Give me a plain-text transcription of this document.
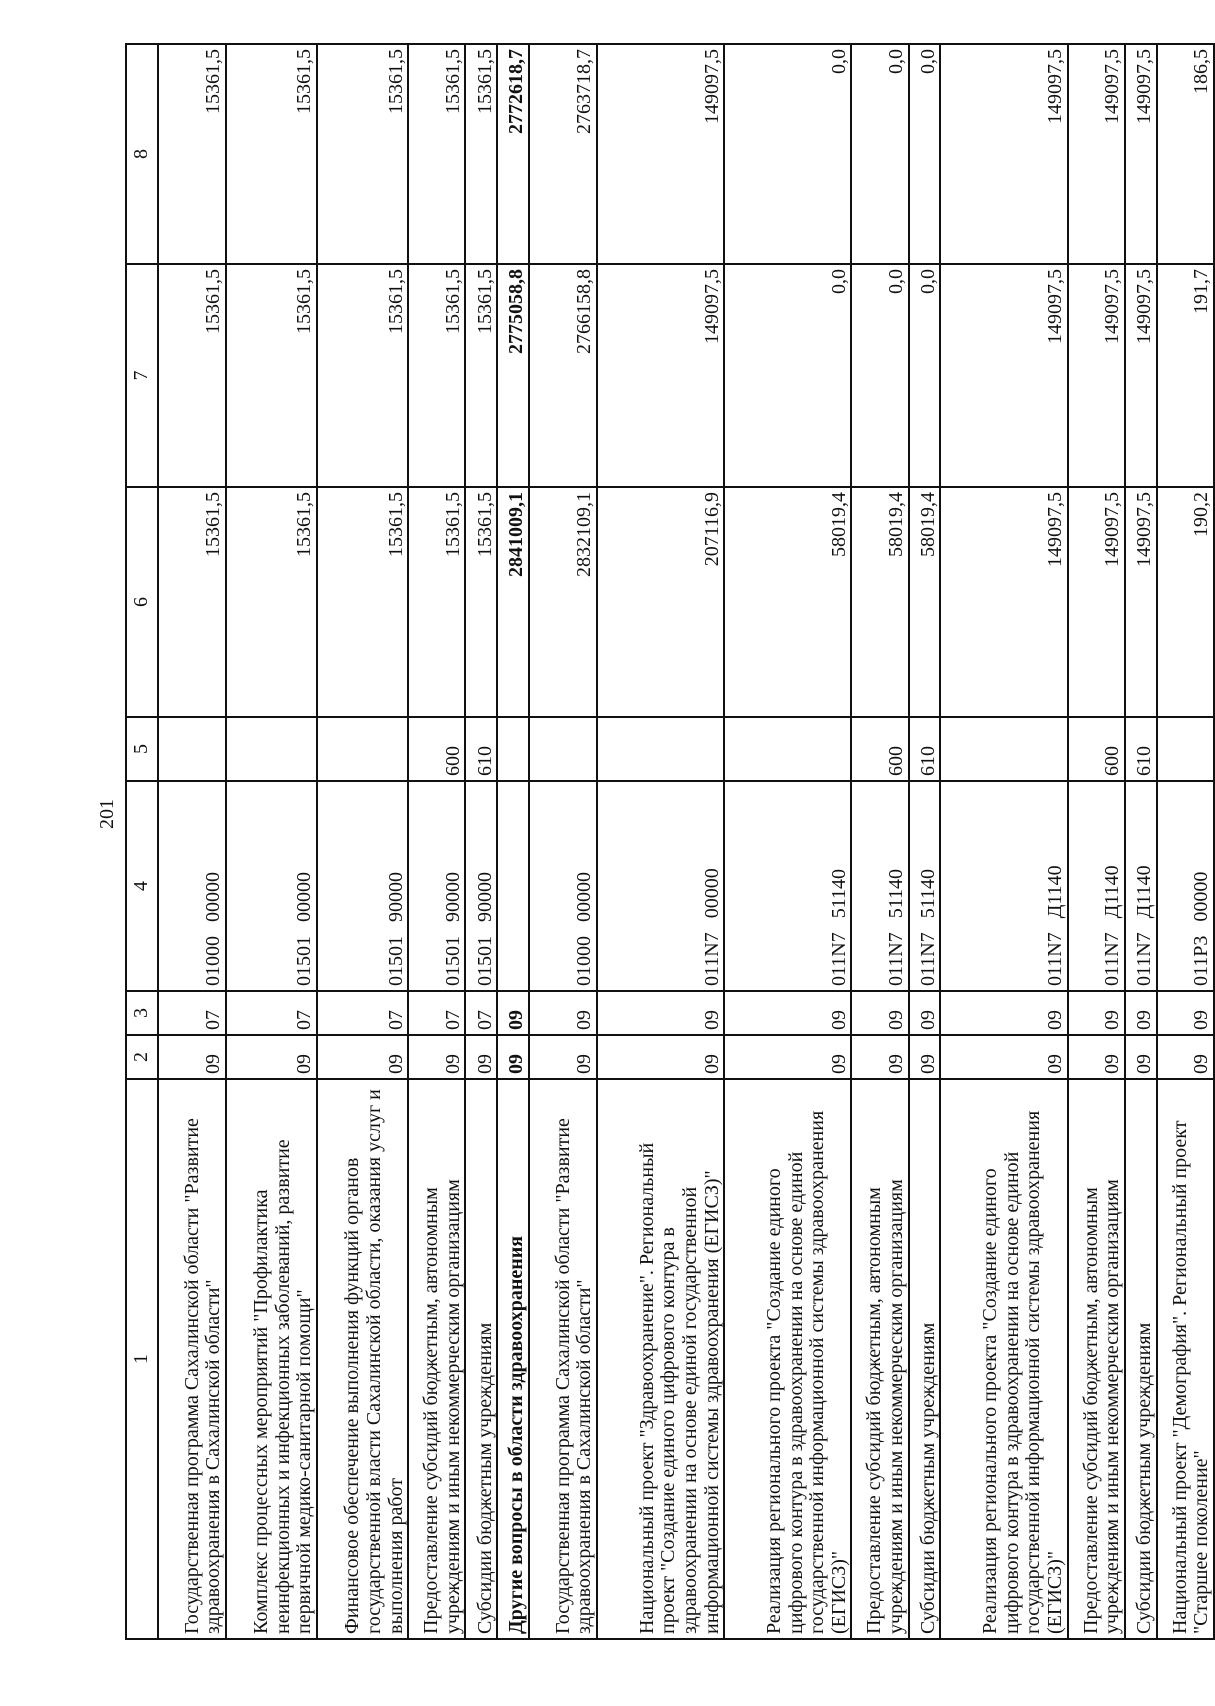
201
1	2	3	4	5	6	7	8
Государственная программа Сахалинской области "Развитие здравоохранения в Сахалинской области"	09	07	0100000000		15361,5	15361,5	15361,5
Комплекс процессных мероприятий "Профилактика неинфекционных и инфекционных заболеваний, развитие первичной медико-санитарной помощи"	09	07	0150100000		15361,5	15361,5	15361,5
Финансовое обеспечение выполнения функций органов государственной власти Сахалинской области, оказания услуг и выполнения работ	09	07	0150190000		15361,5	15361,5	15361,5
Предоставление субсидий бюджетным, автономным учреждениям и иным некоммерческим организациям	09	07	0150190000	600	15361,5	15361,5	15361,5
Субсидии бюджетным учреждениям	09	07	0150190000	610	15361,5	15361,5	15361,5
Другие вопросы в области здравоохранения	09	09			2841009,1	2775058,8	2772618,7
Государственная программа Сахалинской области "Развитие здравоохранения в Сахалинской области"	09	09	0100000000		2832109,1	2766158,8	2763718,7
Национальный проект "Здравоохранение". Региональный проект "Создание единого цифрового контура в здравоохранении на основе единой государственной информационной системы здравоохранения (ЕГИСЗ)"	09	09	011N700000		207116,9	149097,5	149097,5
Реализация регионального проекта "Создание единого цифрового контура в здравоохранении на основе единой государственной информационной системы здравоохранения (ЕГИСЗ)"	09	09	011N751140		58019,4	0,0	0,0
Предоставление субсидий бюджетным, автономным учреждениям и иным некоммерческим организациям	09	09	011N751140	600	58019,4	0,0	0,0
Субсидии бюджетным учреждениям	09	09	011N751140	610	58019,4	0,0	0,0
Реализация регионального проекта "Создание единого цифрового контура в здравоохранении на основе единой государственной информационной системы здравоохранения (ЕГИСЗ)"	09	09	011N7Д1140		149097,5	149097,5	149097,5
Предоставление субсидий бюджетным, автономным учреждениям и иным некоммерческим организациям	09	09	011N7Д1140	600	149097,5	149097,5	149097,5
Субсидии бюджетным учреждениям	09	09	011N7Д1140	610	149097,5	149097,5	149097,5
Национальный проект "Демография". Региональный проект "Старшее поколение"	09	09	011P300000		190,2	191,7	186,5
